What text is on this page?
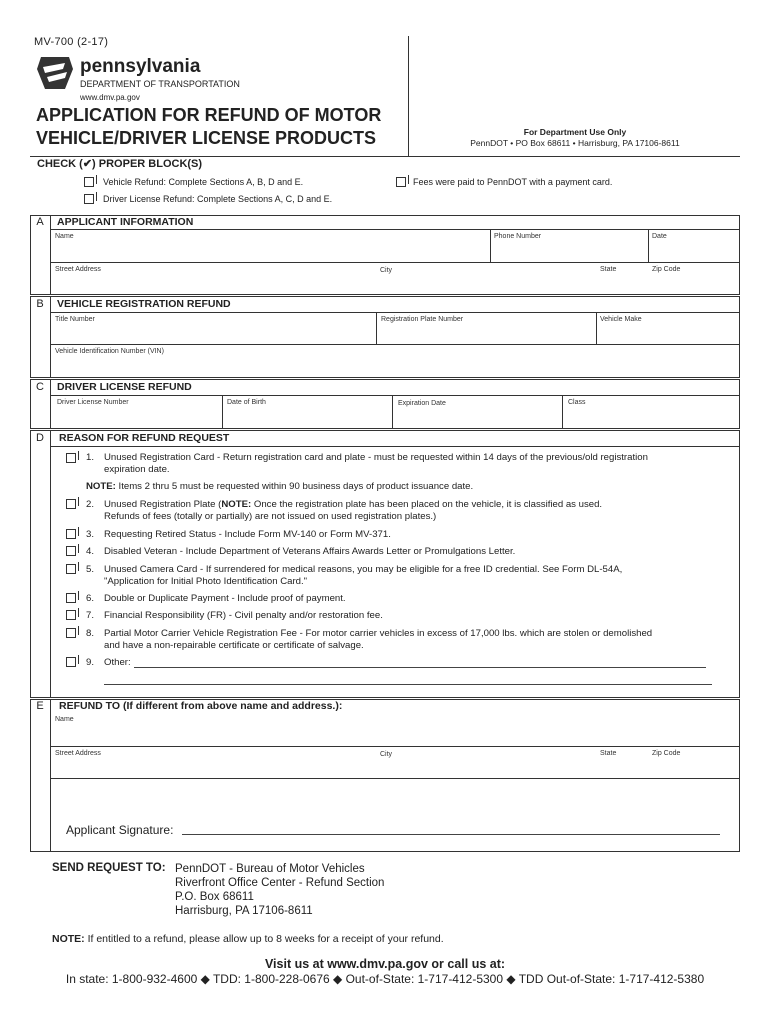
MV-700 (2-17)
pennsylvania
DEPARTMENT OF TRANSPORTATION
www.dmv.pa.gov
APPLICATION FOR REFUND OF MOTOR
VEHICLE/DRIVER LICENSE PRODUCTS	For Department Use Only
PennDOT • PO Box 68611 • Harrisburg, PA 17106-8611
CHECK (✔) PROPER BLOCK(S)
Vehicle Refund: Complete Sections A, B, D and E.
Driver License Refund: Complete Sections A, C, D and E.
Fees were paid to PennDOT with a payment card.
A	APPLICANT INFORMATION
Name	Phone Number	Date
Street Address	City	State	Zip Code
B	VEHICLE REGISTRATION REFUND
Title Number	Registration Plate Number	Vehicle Make
Vehicle Identification Number (VIN)
C	DRIVER LICENSE REFUND
Driver License Number	Date of Birth	Expiration Date	Class
D	REASON FOR REFUND REQUEST
1. Unused Registration Card - Return registration card and plate - must be requested within 14 days of the previous/old registration
expiration date.
NOTE: Items 2 thru 5 must be requested within 90 business days of product issuance date.
2. Unused Registration Plate (NOTE: Once the registration plate has been placed on the vehicle, it is classified as used.
Refunds of fees (totally or partially) are not issued on used registration plates.)
3. Requesting Retired Status - Include Form MV-140 or Form MV-371.
4. Disabled Veteran - Include Department of Veterans Affairs Awards Letter or Promulgations Letter.
5. Unused Camera Card - If surrendered for medical reasons, you may be eligible for a free ID credential. See Form DL-54A,
"Application for Initial Photo Identification Card."
6. Double or Duplicate Payment - Include proof of payment.
7. Financial Responsibility (FR) - Civil penalty and/or restoration fee.
8. Partial Motor Carrier Vehicle Registration Fee - For motor carrier vehicles in excess of 17,000 lbs. which are stolen or demolished
and have a non-repairable certificate or certificate of salvage.
9. Other:
E	REFUND TO (If different from above name and address.):
Name
Street Address	City	State	Zip Code
Applicant Signature:
SEND REQUEST TO: PennDOT - Bureau of Motor Vehicles
Riverfront Office Center - Refund Section
P.O. Box 68611
Harrisburg, PA 17106-8611
NOTE: If entitled to a refund, please allow up to 8 weeks for a receipt of your refund.
Visit us at www.dmv.pa.gov or call us at:
In state: 1-800-932-4600 ◆ TDD: 1-800-228-0676 ◆ Out-of-State: 1-717-412-5300 ◆ TDD Out-of-State: 1-717-412-5380
